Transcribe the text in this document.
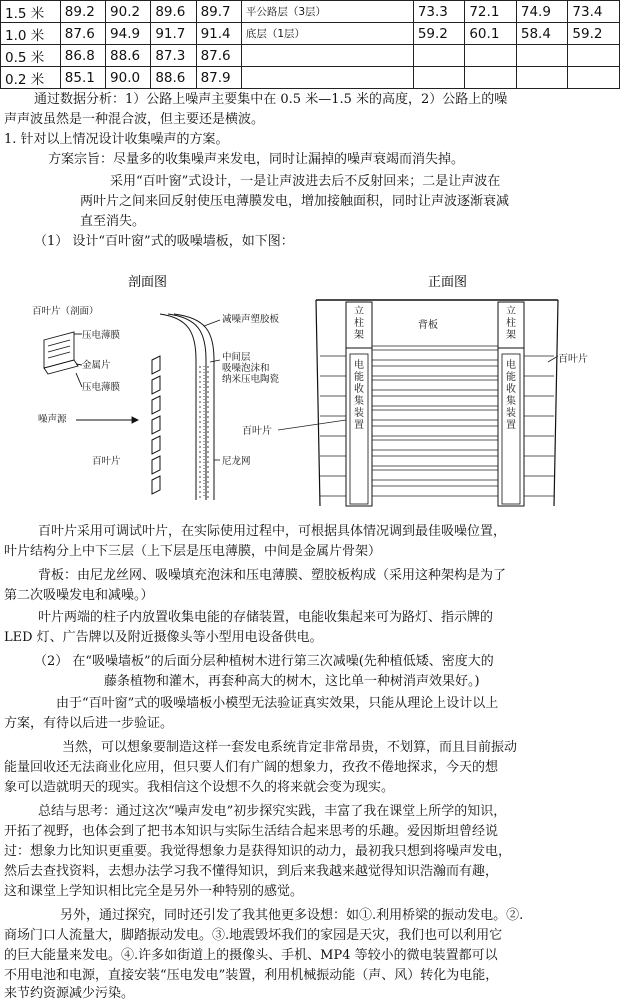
1.5 米	89.2	90.2	89.6	89.7	平公路层（3层）	73.3	72.1	74.9	73.4
1.0 米	87.6	94.9	91.7	91.4	底层（1层）	59.2	60.1	58.4	59.2
0.5 米	86.8	88.6	87.3	87.6					
0.2 米	85.1	90.0	88.6	87.9					
通过数据分析：1）公路上噪声主要集中在 0.5 米—1.5 米的高度，2）公路上的噪
声声波虽然是一种混合波，但主要还是横波。
1. 针对以上情况设计收集噪声的方案。
方案宗旨：尽量多的收集噪声来发电，同时让漏掉的噪声衰竭而消失掉。
采用“百叶窗”式设计，一是让声波进去后不反射回来；二是让声波在
两叶片之间来回反射使压电薄膜发电，增加接触面积，同时让声波逐渐衰减
直至消失。
（1） 设计“百叶窗”式的吸噪墙板，如下图：
剖面图	正面图
百叶片（剖面）
压电薄膜
金属片
压电薄膜
噪声源
百叶片
减噪声塑胶板
中间层
吸噪泡沫和
纳米压电陶瓷
尼龙网
立柱架
立柱架
电能收集装置
电能收集装置
背板
百叶片
百叶片
百叶片采用可调试叶片，在实际使用过程中，可根据具体情况调到最佳吸噪位置，
叶片结构分上中下三层（上下层是压电薄膜，中间是金属片骨架）
背板：由尼龙丝网、吸噪填充泡沫和压电薄膜、塑胶板构成（采用这种架构是为了
第二次吸噪发电和减噪。）
叶片两端的柱子内放置收集电能的存储装置，电能收集起来可为路灯、指示牌的
LED 灯、广告牌以及附近摄像头等小型用电设备供电。
（2） 在“吸噪墙板”的后面分层种植树木进行第三次减噪(先种植低矮、密度大的
藤条植物和灌木，再套种高大的树木，这比单一种树消声效果好。)
由于“百叶窗”式的吸噪墙板小模型无法验证真实效果，只能从理论上设计以上
方案，有待以后进一步验证。
当然，可以想象要制造这样一套发电系统肯定非常昂贵，不划算，而且目前振动
能量回收还无法商业化应用，但只要人们有广阔的想象力，孜孜不倦地探求，今天的想
象可以造就明天的现实。我相信这个设想不久的将来就会变为现实。
总结与思考：通过这次“噪声发电”初步探究实践，丰富了我在课堂上所学的知识，
开拓了视野，也体会到了把书本知识与实际生活结合起来思考的乐趣。爱因斯坦曾经说
过：想象力比知识更重要。我觉得想象力是获得知识的动力，最初我只想到将噪声发电，
然后去查找资料，去想办法学习我不懂得知识，到后来我越来越觉得知识浩瀚而有趣，
这和课堂上学知识相比完全是另外一种特别的感觉。
另外，通过探究，同时还引发了我其他更多设想：如①.利用桥梁的振动发电。②.
商场门口人流量大，脚踏振动发电。③.地震毁坏我们的家园是天灾，我们也可以利用它
的巨大能量来发电。④.许多如街道上的摄像头、手机、MP4 等较小的微电装置都可以
不用电池和电源，直接安装“压电发电”装置，利用机械振动能（声、风）转化为电能，
来节约资源减少污染。
